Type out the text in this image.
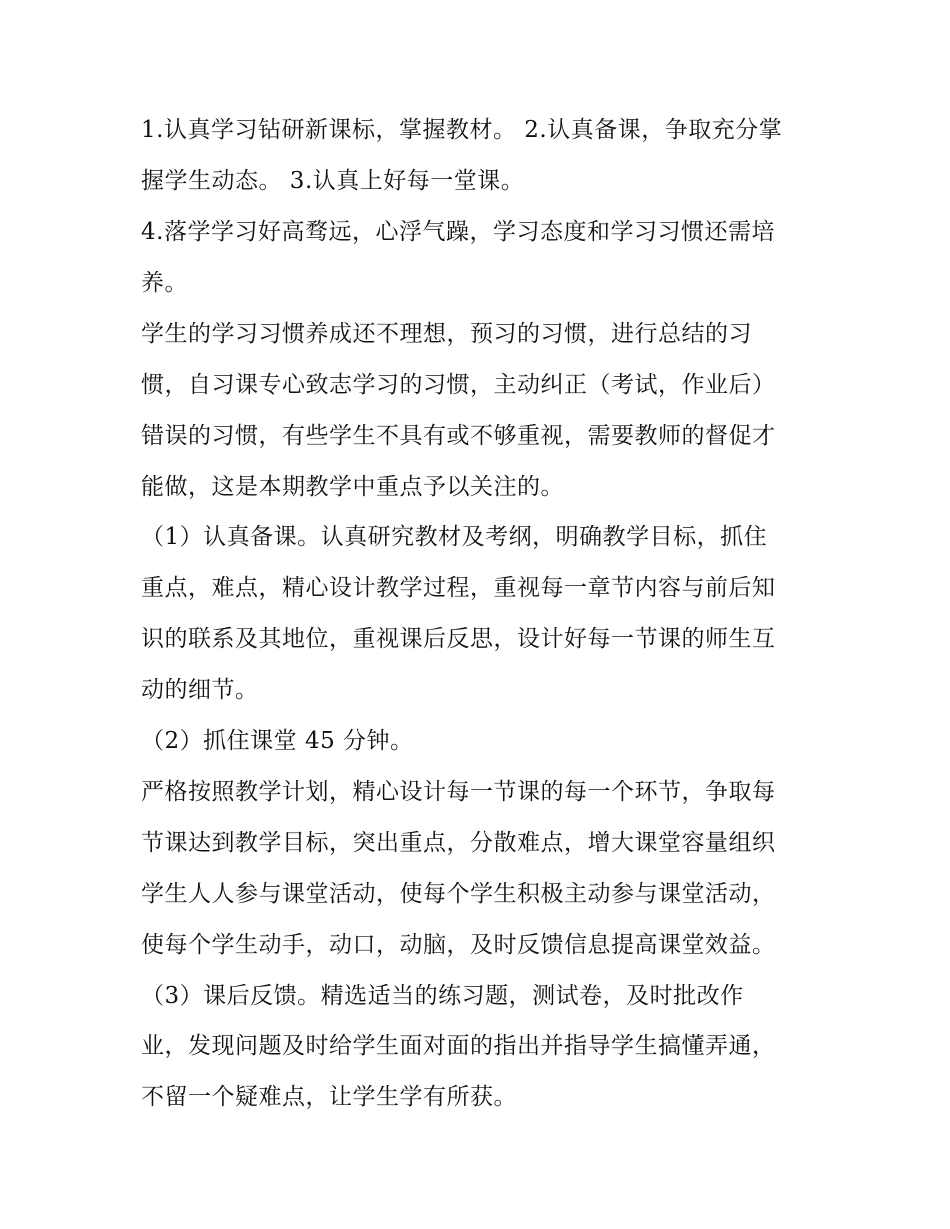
1.认真学习钻研新课标，掌握教材。 2.认真备课，争取充分掌
握学生动态。 3.认真上好每一堂课。
4.落学学习好高骛远，心浮气躁，学习态度和学习习惯还需培
养。
学生的学习习惯养成还不理想，预习的习惯，进行总结的习
惯，自习课专心致志学习的习惯，主动纠正（考试，作业后）
错误的习惯，有些学生不具有或不够重视，需要教师的督促才
能做，这是本期教学中重点予以关注的。
（1）认真备课。认真研究教材及考纲，明确教学目标，抓住
重点，难点，精心设计教学过程，重视每一章节内容与前后知
识的联系及其地位，重视课后反思，设计好每一节课的师生互
动的细节。
（2）抓住课堂 45 分钟。
严格按照教学计划，精心设计每一节课的每一个环节，争取每
节课达到教学目标，突出重点，分散难点，增大课堂容量组织
学生人人参与课堂活动，使每个学生积极主动参与课堂活动，
使每个学生动手，动口，动脑，及时反馈信息提高课堂效益。
（3）课后反馈。精选适当的练习题，测试卷，及时批改作
业，发现问题及时给学生面对面的指出并指导学生搞懂弄通，
不留一个疑难点，让学生学有所获。
